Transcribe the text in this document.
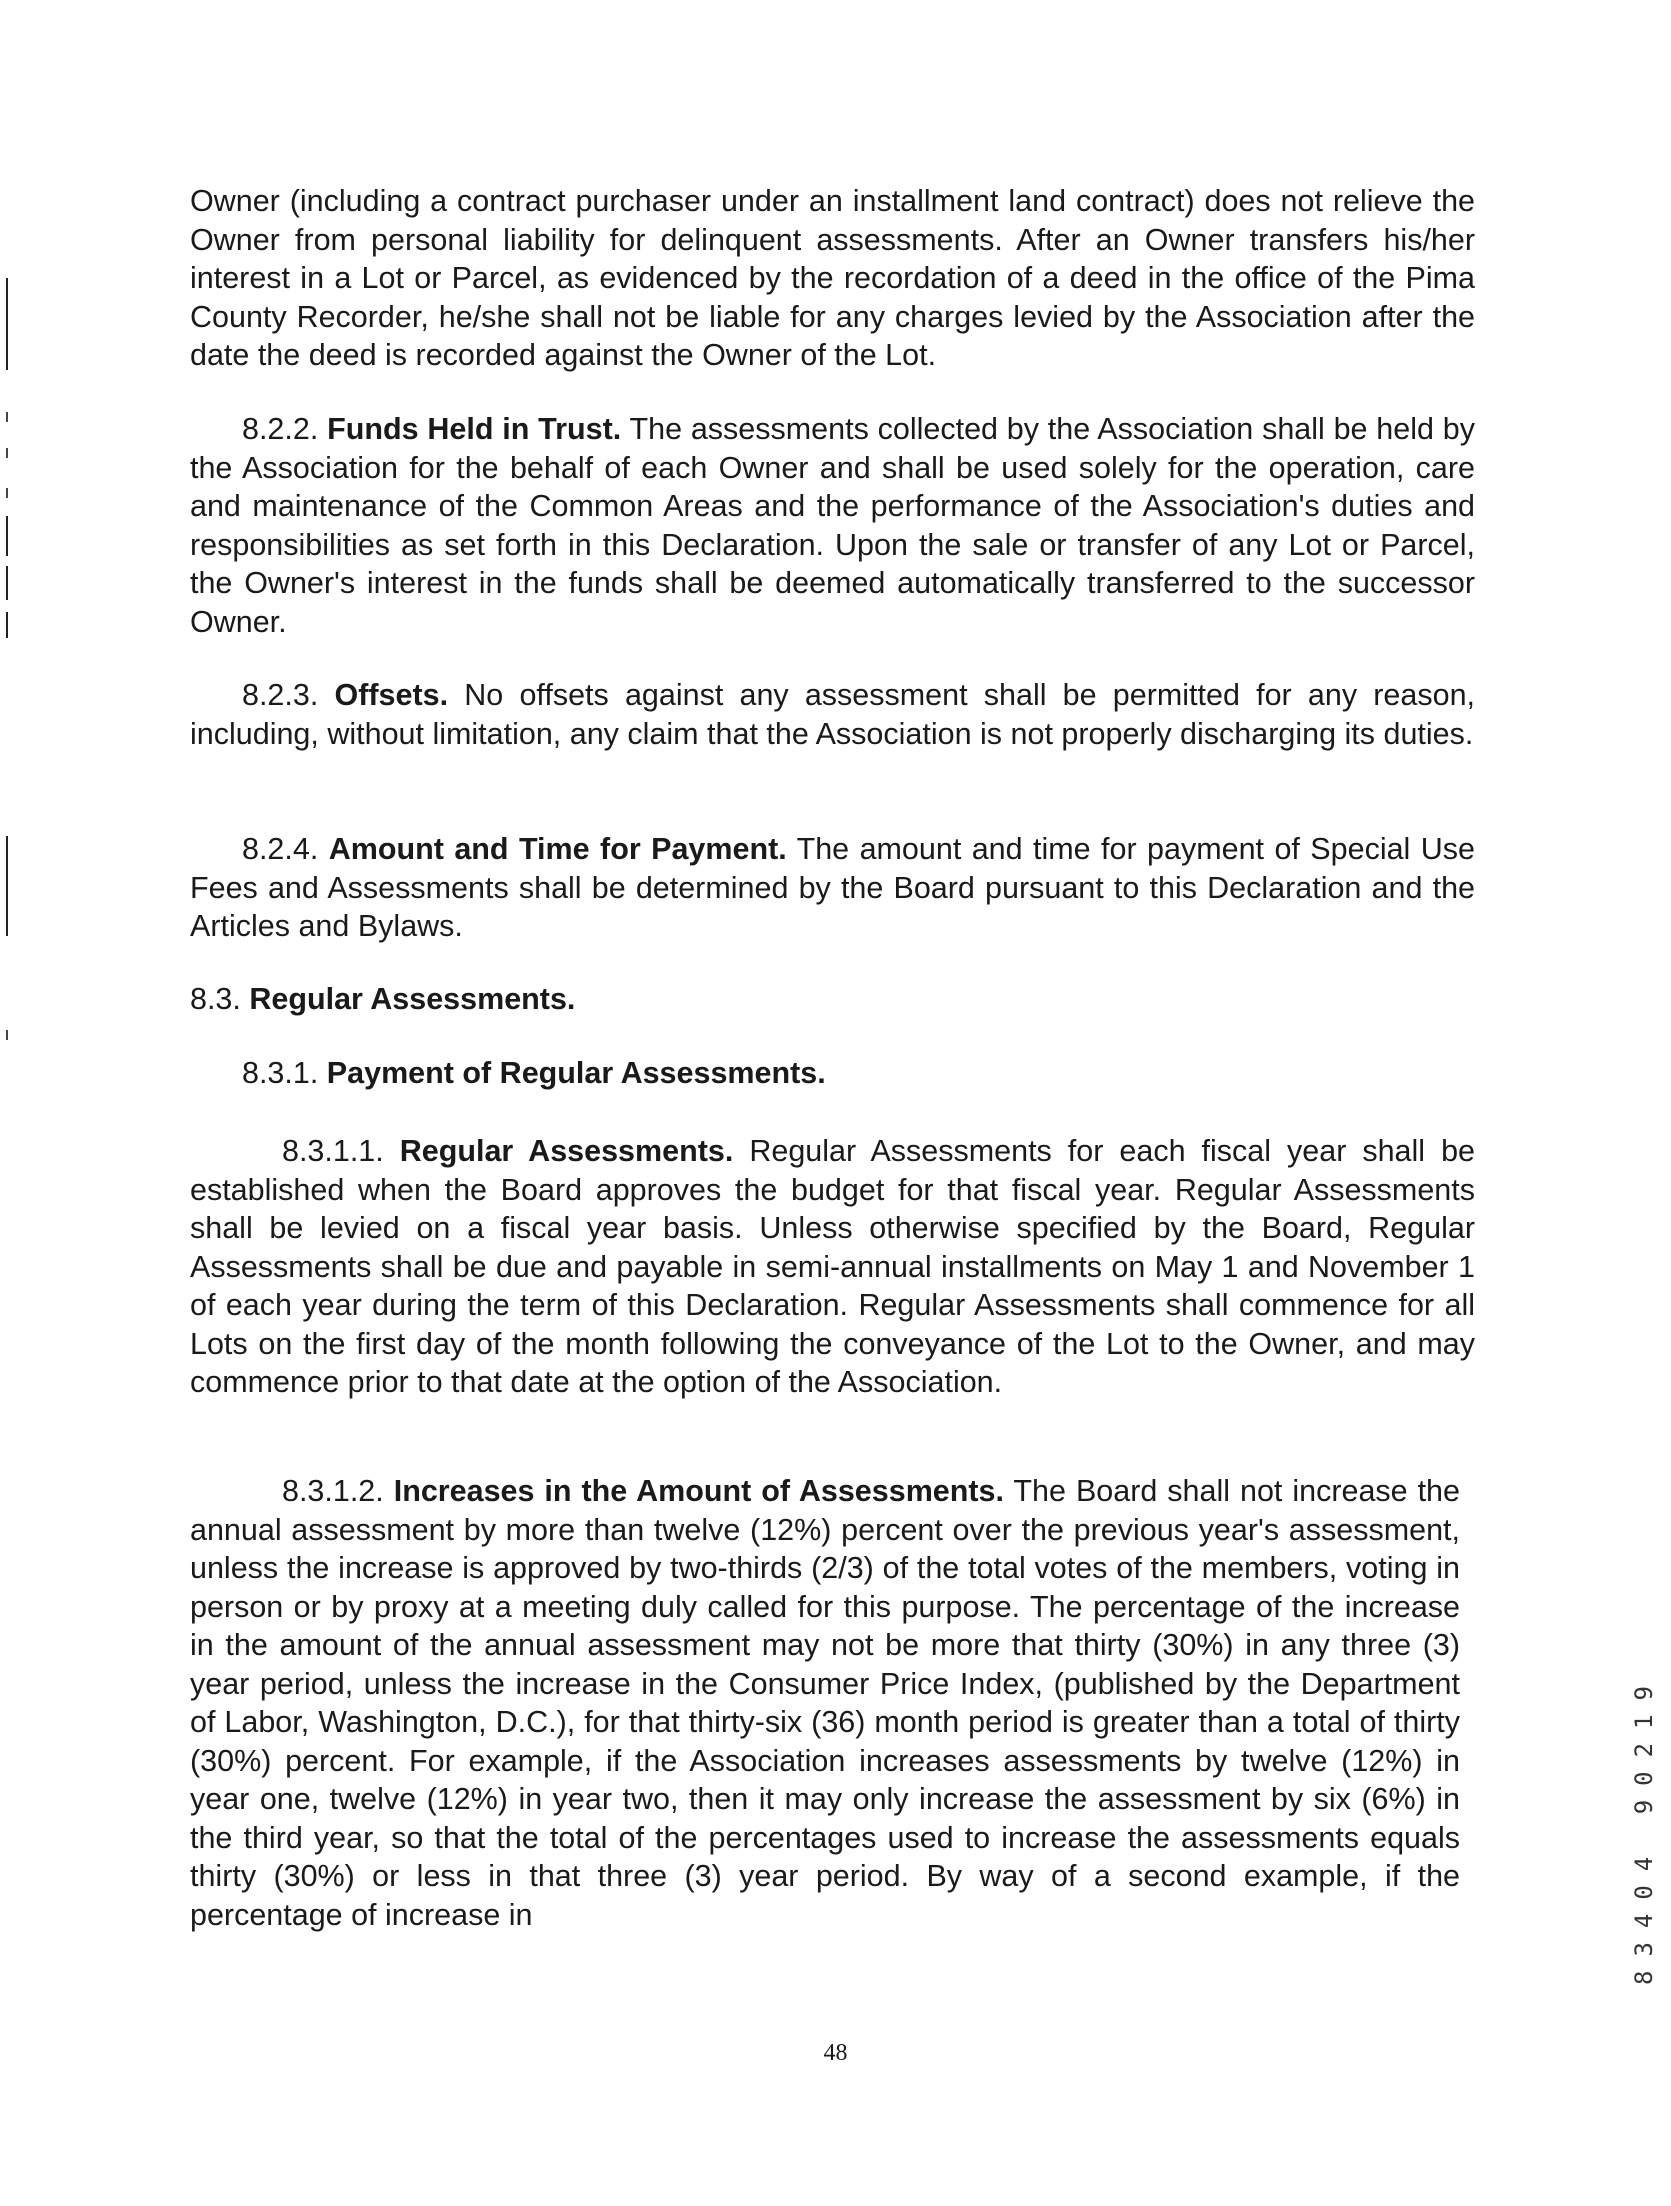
Owner (including a contract purchaser under an installment land contract) does not relieve the Owner from personal liability for delinquent assessments. After an Owner transfers his/her interest in a Lot or Parcel, as evidenced by the recordation of a deed in the office of the Pima County Recorder, he/she shall not be liable for any charges levied by the Association after the date the deed is recorded against the Owner of the Lot.

8.2.2. Funds Held in Trust. The assessments collected by the Association shall be held by the Association for the behalf of each Owner and shall be used solely for the operation, care and maintenance of the Common Areas and the performance of the Association's duties and responsibilities as set forth in this Declaration. Upon the sale or transfer of any Lot or Parcel, the Owner's interest in the funds shall be deemed automatically transferred to the successor Owner.

8.2.3. Offsets. No offsets against any assessment shall be permitted for any reason, including, without limitation, any claim that the Association is not properly discharging its duties.

8.2.4. Amount and Time for Payment. The amount and time for payment of Special Use Fees and Assessments shall be determined by the Board pursuant to this Declaration and the Articles and Bylaws.

8.3. Regular Assessments.
8.3.1. Payment of Regular Assessments.

8.3.1.1. Regular Assessments. Regular Assessments for each fiscal year shall be established when the Board approves the budget for that fiscal year. Regular Assessments shall be levied on a fiscal year basis. Unless otherwise specified by the Board, Regular Assessments shall be due and payable in semi-annual installments on May 1 and November 1 of each year during the term of this Declaration. Regular Assessments shall commence for all Lots on the first day of the month following the conveyance of the Lot to the Owner, and may commence prior to that date at the option of the Association.

8.3.1.2. Increases in the Amount of Assessments. The Board shall not increase the annual assessment by more than twelve (12%) percent over the previous year's assessment, unless the increase is approved by two-thirds (2/3) of the total votes of the members, voting in person or by proxy at a meeting duly called for this purpose. The percentage of the increase in the amount of the annual assessment may not be more that thirty (30%) in any three (3) year period, unless the increase in the Consumer Price Index, (published by the Department of Labor, Washington, D.C.), for that thirty-six (36) month period is greater than a total of thirty (30%) percent. For example, if the Association increases assessments by twelve (12%) in year one, twelve (12%) in year two, then it may only increase the assessment by six (6%) in the third year, so that the total of the percentages used to increase the assessments equals thirty (30%) or less in that three (3) year period. By way of a second example, if the percentage of increase in	83404 90219
48
